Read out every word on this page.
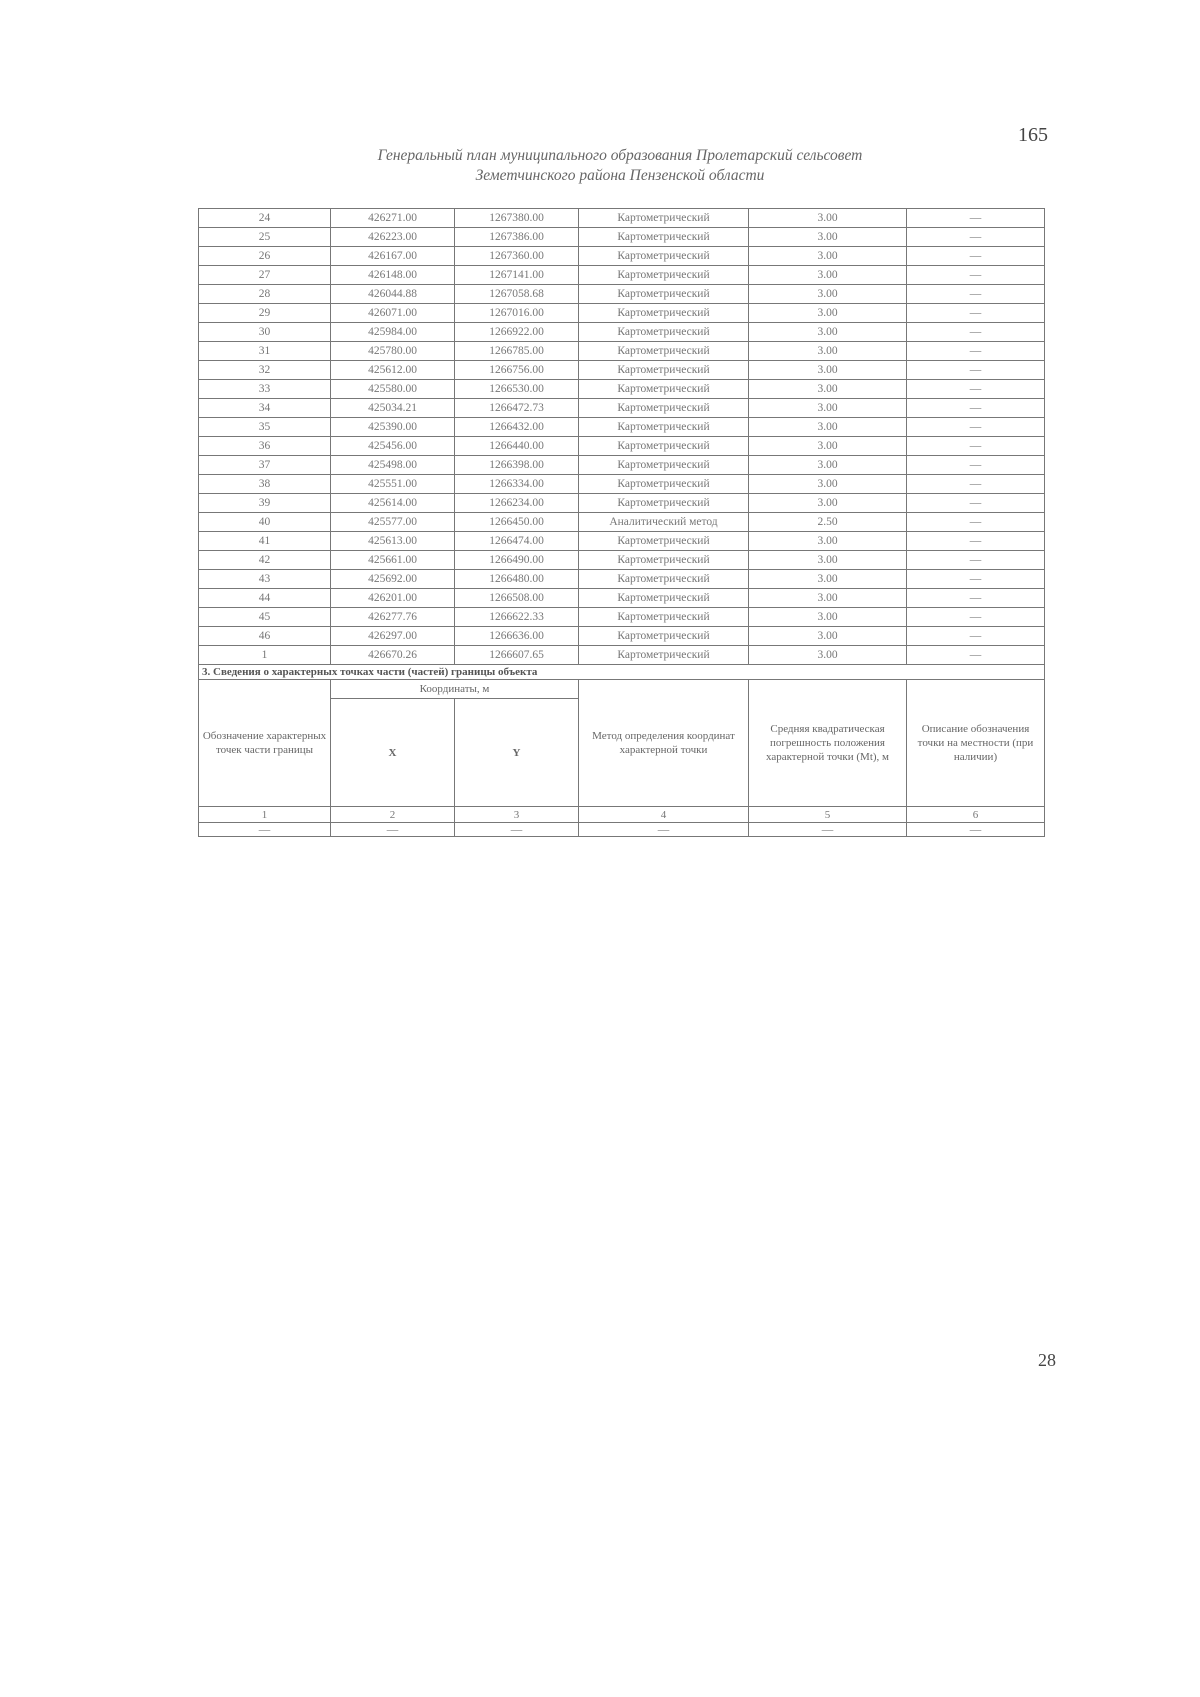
165
Генеральный план муниципального образования Пролетарский сельсовет
Земетчинского района Пензенской области
24	426271.00	1267380.00	Картометрический	3.00	—
25	426223.00	1267386.00	Картометрический	3.00	—
26	426167.00	1267360.00	Картометрический	3.00	—
27	426148.00	1267141.00	Картометрический	3.00	—
28	426044.88	1267058.68	Картометрический	3.00	—
29	426071.00	1267016.00	Картометрический	3.00	—
30	425984.00	1266922.00	Картометрический	3.00	—
31	425780.00	1266785.00	Картометрический	3.00	—
32	425612.00	1266756.00	Картометрический	3.00	—
33	425580.00	1266530.00	Картометрический	3.00	—
34	425034.21	1266472.73	Картометрический	3.00	—
35	425390.00	1266432.00	Картометрический	3.00	—
36	425456.00	1266440.00	Картометрический	3.00	—
37	425498.00	1266398.00	Картометрический	3.00	—
38	425551.00	1266334.00	Картометрический	3.00	—
39	425614.00	1266234.00	Картометрический	3.00	—
40	425577.00	1266450.00	Аналитический метод	2.50	—
41	425613.00	1266474.00	Картометрический	3.00	—
42	425661.00	1266490.00	Картометрический	3.00	—
43	425692.00	1266480.00	Картометрический	3.00	—
44	426201.00	1266508.00	Картометрический	3.00	—
45	426277.76	1266622.33	Картометрический	3.00	—
46	426297.00	1266636.00	Картометрический	3.00	—
1	426670.26	1266607.65	Картометрический	3.00	—
3. Сведения о характерных точках части (частей) границы объекта					
Обозначение характерных точек части границы	Координаты, м		Метод определения координат характерной точки	Средняя квадратическая погрешность положения характерной точки (Mt), м	Описание обозначения точки на местности (при наличии)
	X	Y			
1	2	3	4	5	6
—	—	—	—	—	—
28
